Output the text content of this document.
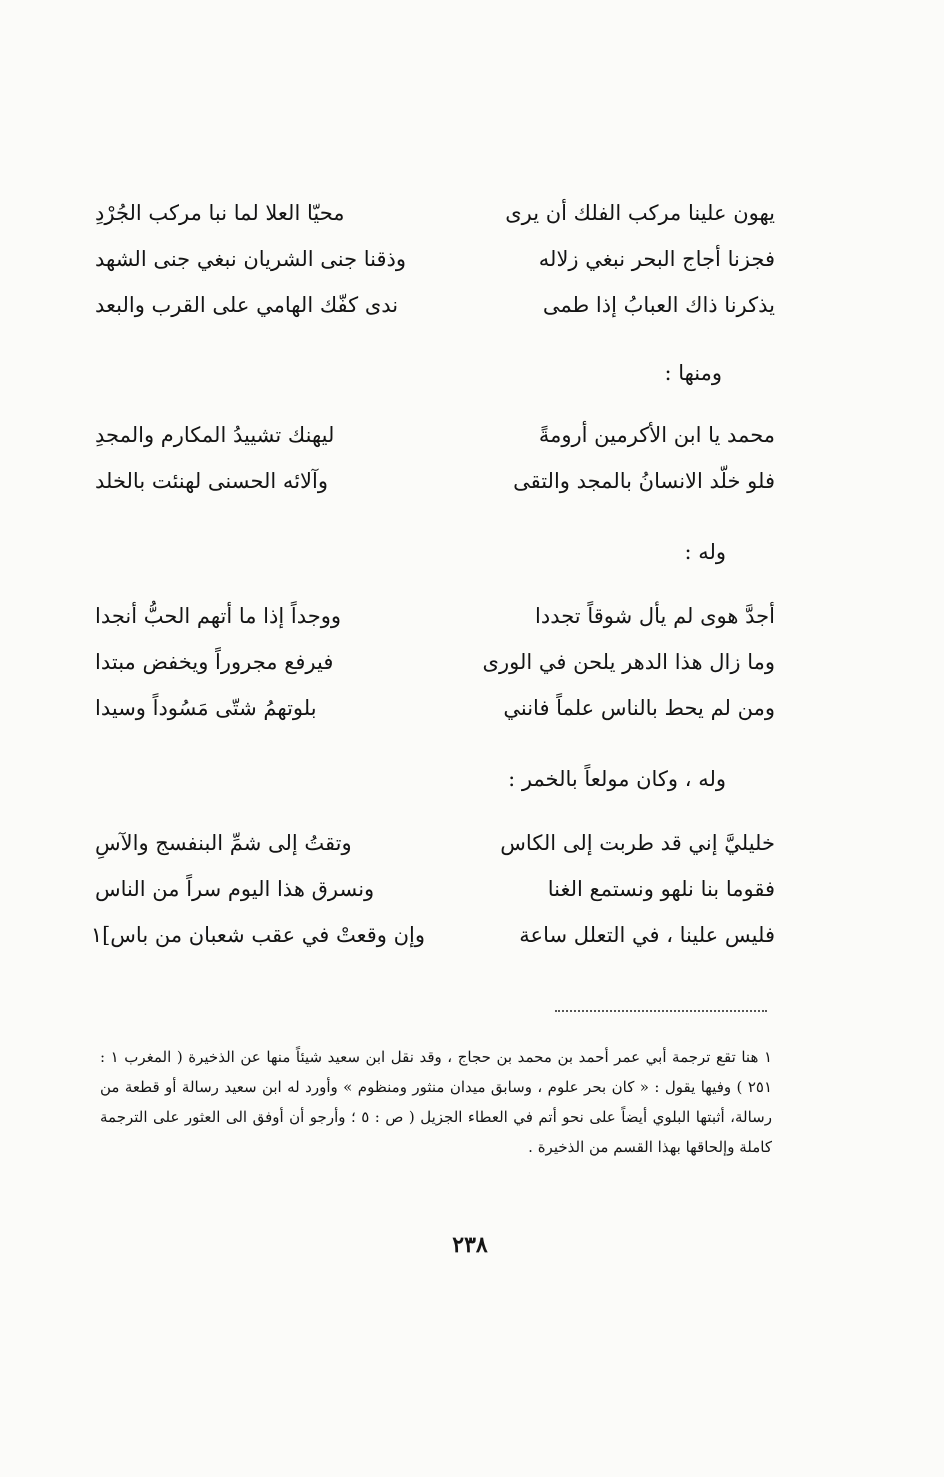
يهون علينا مركب الفلك أن يرى
محيّا العلا لما نبا مركب الجُرْدِ
فجزنا أجاج البحر نبغي زلاله
وذقنا جنى الشريان نبغي جنى الشهد
يذكرنا ذاك العبابُ إذا طمى
ندى كفّك الهامي على القرب والبعد
ومنها :
محمد يا ابن الأكرمين أرومةً
ليهنك تشييدُ المكارم والمجدِ
فلو خلّد الانسانُ بالمجد والتقى
وآلائه الحسنى لهنئت بالخلد
وله :
أجدَّ هوى لم يأل شوقاً تجددا
ووجداً إذا ما أتهم الحبُّ أنجدا
وما زال هذا الدهر يلحن في الورى
فيرفع مجروراً ويخفض مبتدا
ومن لم يحط بالناس علماً فانني
بلوتهمُ شتّى مَسُوداً وسيدا
وله ، وكان مولعاً بالخمر :
خليليَّ إني قد طربت إلى الكاس
وتقتُ إلى شمِّ البنفسج والآسِ
فقوما بنا نلهو ونستمع الغنا
ونسرق هذا اليوم سراً من الناس
فليس علينا ، في التعلل ساعة
وإن وقعتْ في عقب شعبان من باس]١
١ هنا تقع ترجمة أبي عمر أحمد بن محمد بن حجاج ، وقد نقل ابن سعيد شيئاً منها عن الذخيرة ( المغرب ١ : ٢٥١ ) وفيها يقول : « كان بحر علوم ، وسابق ميدان منثور ومنظوم » وأورد له ابن سعيد رسالة أو قطعة من رسالة، أثبتها البلوي أيضاً على نحو أتم في العطاء الجزيل ( ص : ٥ ؛ وأرجو أن أوفق الى العثور على الترجمة كاملة وإلحاقها بهذا القسم من الذخيرة .
٢٣٨
